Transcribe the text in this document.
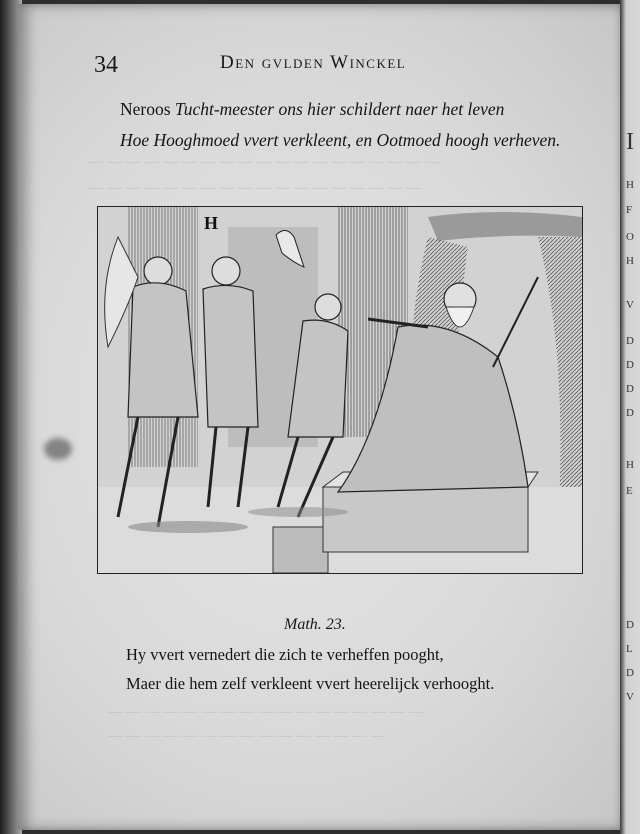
— — — — — — — — — — — — — — — — — — —
— — — — — — — — — — — — — — — — — —
— — — — — — — — — — — — — — — — —
— — — — — — — — — — — — — — —
I
H
F
O
H
V
D
D
D
D
H
E
D
L
D
V
34	Den gvlden Winckel
Neroos Tucht-meester ons hier schildert naer het leven
Hoe Hooghmoed vvert verkleent, en Ootmoed hoogh verheven.
H
Math. 23.
Hy vvert vernedert die zich te verheffen pooght,
Maer die hem zelf verkleent vvert heerelijck verhooght.
